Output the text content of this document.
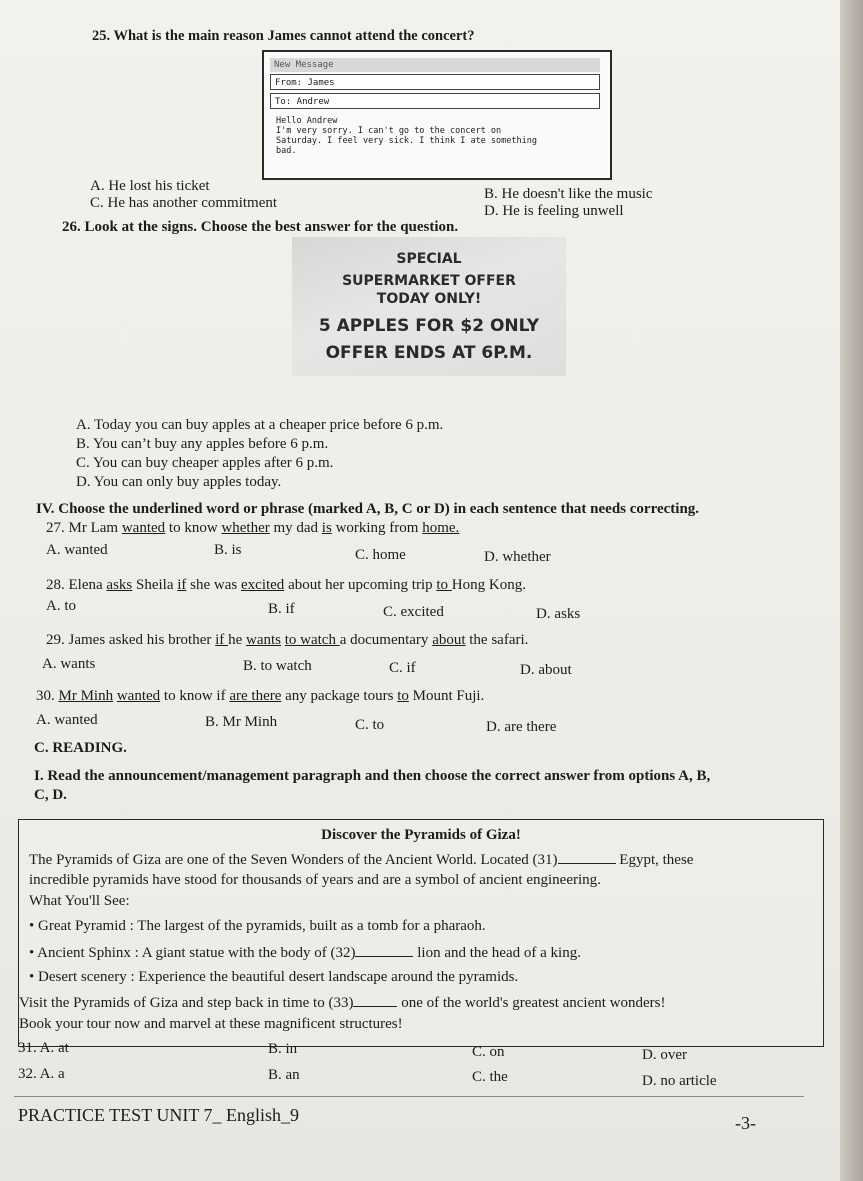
25. What is the main reason James cannot attend the concert?
New Message
From: James
To: Andrew
Hello Andrew
I'm very sorry. I can't go to the concert on
Saturday. I feel very sick. I think I ate something
bad.
A. He lost his ticket	B. He doesn't like the music
C. He has another commitment	D. He is feeling unwell
26. Look at the signs. Choose the best answer for the question.
SPECIAL
SUPERMARKET OFFER
TODAY ONLY!
5 APPLES FOR $2 ONLY
OFFER ENDS AT 6P.M.
A. Today you can buy apples at a cheaper price before 6 p.m.
B. You can’t buy any apples before 6 p.m.
C. You can buy cheaper apples after 6 p.m.
D. You can only buy apples today.
IV. Choose the underlined word or phrase (marked A, B, C or D) in each sentence that needs correcting.
27. Mr Lam wanted to know whether my dad is working from home.
A. wanted	B. is	C. home	D. whether
28. Elena asks Sheila if she was excited about her upcoming trip to Hong Kong.
A. to	B. if	C. excited	D. asks
29. James asked his brother if he wants to watch a documentary about the safari.
A. wants	B. to watch	C. if	D. about
30. Mr Minh wanted to know if are there any package tours to Mount Fuji.
A. wanted	B. Mr Minh	C. to	D. are there
C. READING.
I. Read the announcement/management paragraph and then choose the correct answer from options A, B,
C, D.
Discover the Pyramids of Giza!
The Pyramids of Giza are one of the Seven Wonders of the Ancient World. Located (31)	Egypt, these
incredible pyramids have stood for thousands of years and are a symbol of ancient engineering.
What You'll See:
• Great Pyramid : The largest of the pyramids, built as a tomb for a pharaoh.
• Ancient Sphinx : A giant statue with the body of (32)	lion and the head of a king.
• Desert scenery : Experience the beautiful desert landscape around the pyramids.
Visit the Pyramids of Giza and step back in time to (33)	one of the world's greatest ancient wonders!
Book your tour now and marvel at these magnificent structures!
31. A. at	B. in	C. on	D. over
32. A. a	B. an	C. the	D. no article
PRACTICE TEST UNIT 7_ English_9	-3-
